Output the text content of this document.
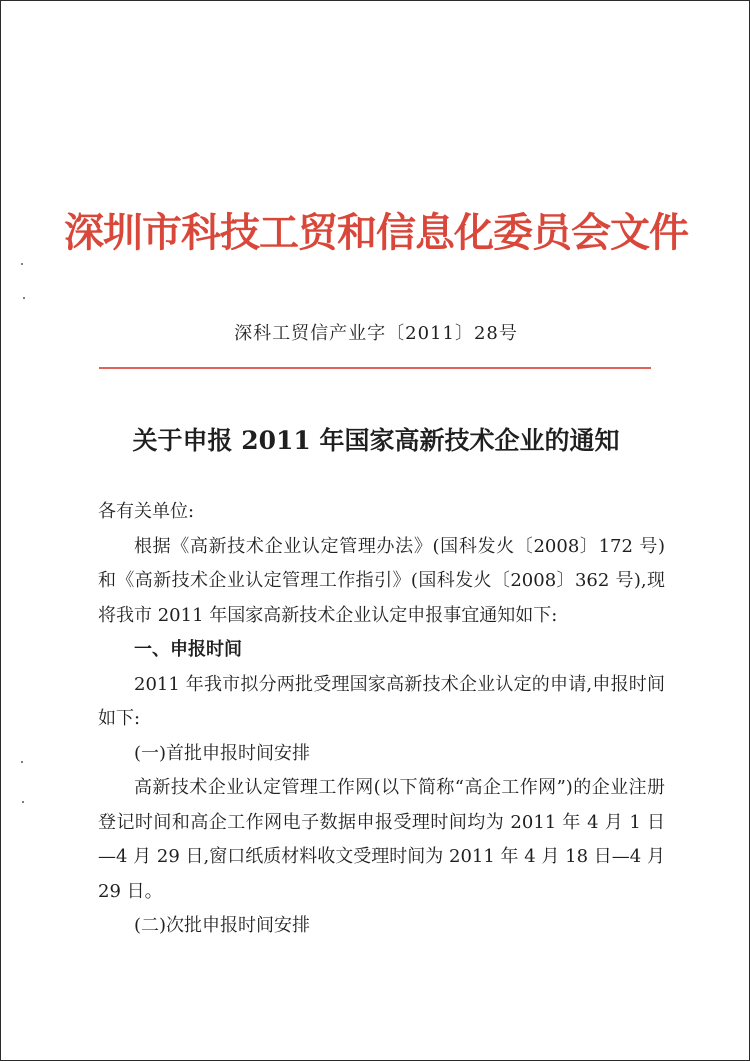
深圳市科技工贸和信息化委员会文件
深科工贸信产业字〔2011〕28号
关于申报 2011 年国家高新技术企业的通知

各有关单位:

根据《高新技术企业认定管理办法》(国科发火〔2008〕172 号)和《高新技术企业认定管理工作指引》(国科发火〔2008〕362 号),现将我市 2011 年国家高新技术企业认定申报事宜通知如下:

一、申报时间

2011 年我市拟分两批受理国家高新技术企业认定的申请,申报时间如下:

(一)首批申报时间安排

高新技术企业认定管理工作网(以下简称“高企工作网”)的企业注册登记时间和高企工作网电子数据申报受理时间均为 2011 年 4 月 1 日—4 月 29 日,窗口纸质材料收文受理时间为 2011 年 4 月 18 日—4 月 29 日。

(二)次批申报时间安排
